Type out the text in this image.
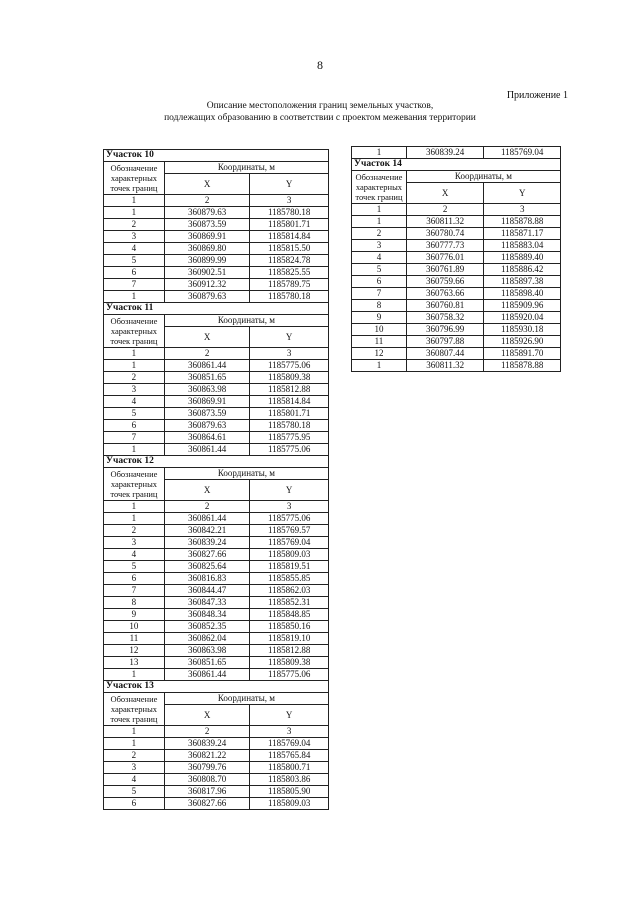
8
Приложение 1
Описание местоположения границ земельных участков,
подлежащих образованию в соответствии с проектом межевания территории
Участок 10		
Обозначение характерных точек границ	Координаты, м	
	X	Y
1	2	3
1	360879.63	1185780.18
2	360873.59	1185801.71
3	360869.91	1185814.84
4	360869.80	1185815.50
5	360899.99	1185824.78
6	360902.51	1185825.55
7	360912.32	1185789.75
1	360879.63	1185780.18
Участок 11		
Обозначение характерных точек границ	Координаты, м	
	X	Y
1	2	3
1	360861.44	1185775.06
2	360851.65	1185809.38
3	360863.98	1185812.88
4	360869.91	1185814.84
5	360873.59	1185801.71
6	360879.63	1185780.18
7	360864.61	1185775.95
1	360861.44	1185775.06
Участок 12		
Обозначение характерных точек границ	Координаты, м	
	X	Y
1	2	3
1	360861.44	1185775.06
2	360842.21	1185769.57
3	360839.24	1185769.04
4	360827.66	1185809.03
5	360825.64	1185819.51
6	360816.83	1185855.85
7	360844.47	1185862.03
8	360847.33	1185852.31
9	360848.34	1185848.85
10	360852.35	1185850.16
11	360862.04	1185819.10
12	360863.98	1185812.88
13	360851.65	1185809.38
1	360861.44	1185775.06
Участок 13		
Обозначение характерных точек границ	Координаты, м	
	X	Y
1	2	3
1	360839.24	1185769.04
2	360821.22	1185765.84
3	360799.76	1185800.71
4	360808.70	1185803.86
5	360817.96	1185805.90
6	360827.66	1185809.03
1	360839.24	1185769.04
Участок 14		
Обозначение характерных точек границ	Координаты, м	
	X	Y
1	2	3
1	360811.32	1185878.88
2	360780.74	1185871.17
3	360777.73	1185883.04
4	360776.01	1185889.40
5	360761.89	1185886.42
6	360759.66	1185897.38
7	360763.66	1185898.40
8	360760.81	1185909.96
9	360758.32	1185920.04
10	360796.99	1185930.18
11	360797.88	1185926.90
12	360807.44	1185891.70
1	360811.32	1185878.88
